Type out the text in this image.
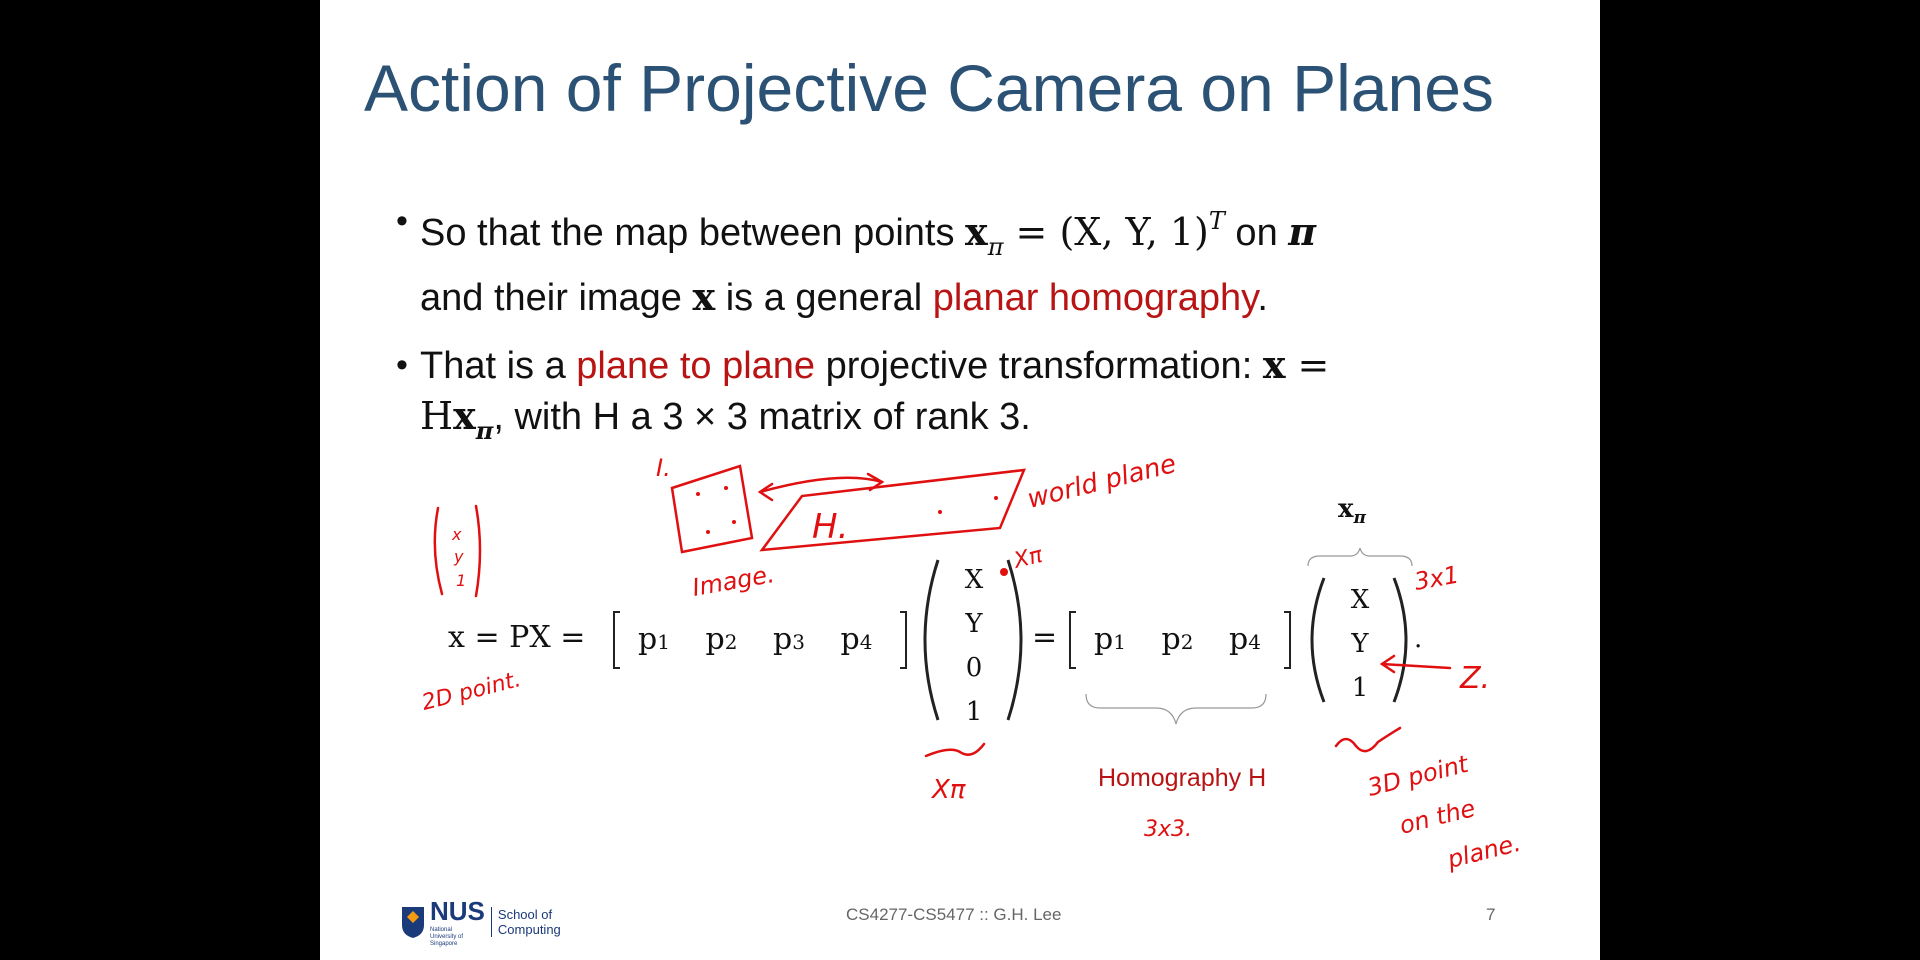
Action of Projective Camera on Planes
• So that the map between points $x_\pi = (X$, Y, 1)$^T$ on π
and their image x is a general planar homography.
• That is a plane to plane projective transformation: x =
$Hx_\pi$, with H a 3 × 3 matrix of rank 3.
x = PX = p1 p2 p3 p4
X
Y
0
1
= p1 p2 p4
X
Y
1
.
$x_\pi$
Homography H
I.
Image.
H.
world plane
Xπ
2D point.
Xπ
3x3.
3x1
Z.
3D point
on the
plane.
x
y
1
NUS
National University of Singapore
School of
Computing
CS4277-CS5477 :: G.H. Lee	7
